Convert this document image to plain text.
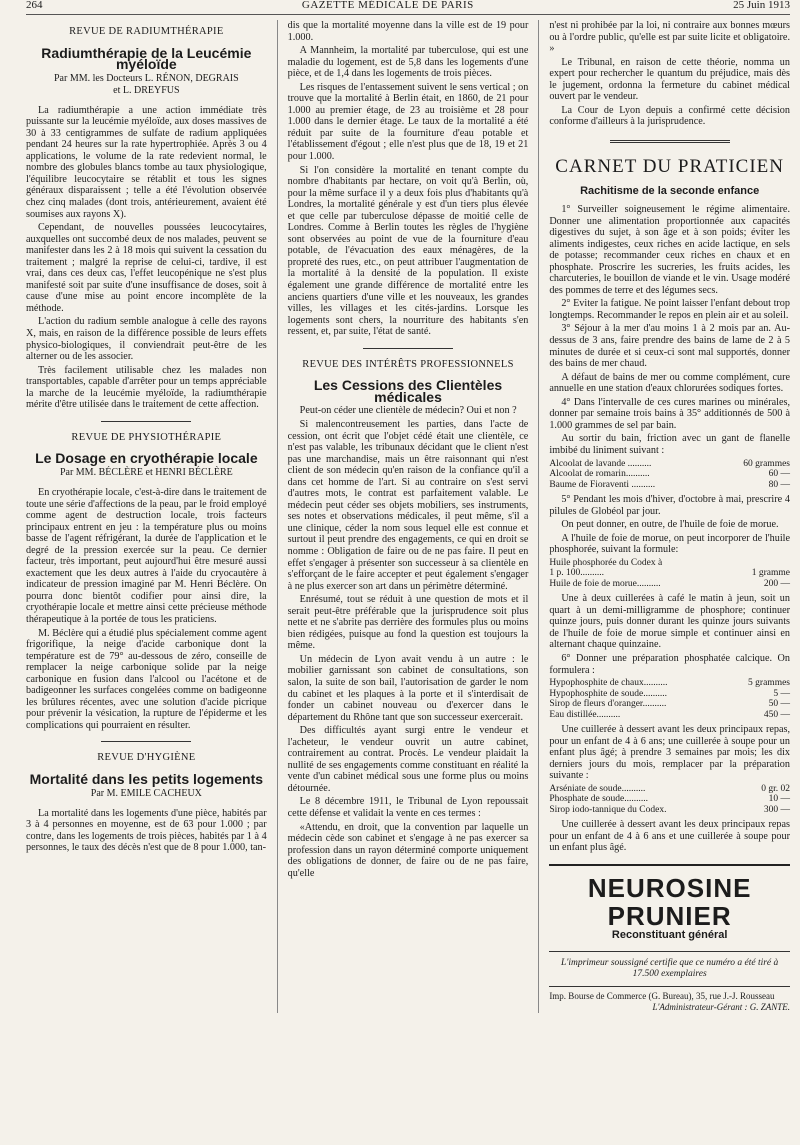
264	GAZETTE MÉDICALE DE PARIS	25 Juin 1913
REVUE DE RADIUMTHÉRAPIE
Radiumthérapie de la Leucémie myéloïde
Par MM. les Docteurs L. RÉNON, DEGRAIS
et L. DREYFUS

La radiumthérapie a une action immédiate très puissante sur la leucémie myéloïde, aux doses massives de 30 à 33 centigrammes de sulfate de radium appliquées pendant 24 heures sur la rate hypertrophiée. Après 3 ou 4 applications, le volume de la rate redevient normal, le nombre des globules blancs tombe au taux physiologique, l'équilibre leucocytaire se rétablit et tous les signes généraux disparaissent ; telle a été l'évolution observée chez cinq malades (dont trois, antérieurement, avaient été soumises aux rayons X).

Cependant, de nouvelles poussées leucocytaires, auxquelles ont succombé deux de nos malades, peuvent se manifester dans les 2 à 18 mois qui suivent la cessation du traitement ; malgré la reprise de celui-ci, tardive, il est vrai, dans ces deux cas, l'effet leucopénique ne s'est plus manifesté soit par suite d'une insuffisance de doses, soit à cause d'une mise au point encore incomplète de la méthode.

L'action du radium semble analogue à celle des rayons X, mais, en raison de la différence possible de leurs effets physico-biologiques, il conviendrait peut-être de les alterner ou de les associer.

Très facilement utilisable chez les malades non transportables, capable d'arrêter pour un temps appréciable la marche de la leucémie myéloïde, la radiumthérapie mérite d'être utilisée dans le traitement de cette affection.

REVUE DE PHYSIOTHÉRAPIE
Le Dosage en cryothérapie locale
Par MM. BÉCLÈRE et HENRI BÉCLÈRE

En cryothérapie locale, c'est-à-dire dans le traitement de toute une série d'affections de la peau, par le froid employé comme agent de destruction locale, trois facteurs principaux entrent en jeu : la température plus ou moins basse de l'agent réfrigérant, la durée de l'application et le degré de la pression exercée sur la peau. Ce dernier facteur, très important, peut aujourd'hui être mesuré aussi exactement que les deux autres à l'aide du cryocautère à indicateur de pression imaginé par M. Henri Béclère. On pourra donc bientôt codifier pour ainsi dire, la cryothérapie locale et mettre ainsi cette précieuse méthode thérapeutique à la portée de tous les praticiens.

M. Béclère qui a étudié plus spécialement comme agent frigorifique, la neige d'acide carbonique dont la température est de 79° au-dessous de zéro, conseille de remplacer la neige carbonique solide par la neige carbonique en fusion dans l'alcool ou l'acétone et de badigeonner les surfaces congelées comme on badigeonne les brûlures récentes, avec une solution d'acide picrique pour prévenir la vésication, la rupture de l'épiderme et les complications qui pourraient en résulter.

REVUE D'HYGIÈNE
Mortalité dans les petits logements
Par M. EMILE CACHEUX

La mortalité dans les logements d'une pièce, habités par 3 à 4 personnes en moyenne, est de 63 pour 1.000 ; par contre, dans les logements de trois pièces, habités par 1 à 4 personnes, le taux des décès n'est que de 8 pour 1.000, tan-

dis que la mortalité moyenne dans la ville est de 19 pour 1.000.

A Mannheim, la mortalité par tuberculose, qui est une maladie du logement, est de 5,8 dans les logements d'une pièce, et de 1,4 dans les logements de trois pièces.

Les risques de l'entassement suivent le sens vertical ; on trouve que la mortalité à Berlin était, en 1860, de 21 pour 1.000 au premier étage, de 23 au troisième et 28 pour 1.000 dans le dernier étage. Le taux de la mortalité a été réduit par suite de la fourniture d'eau potable et l'établissement d'égout ; elle n'est plus que de 18, 19 et 21 pour 1.000.

Si l'on considère la mortalité en tenant compte du nombre d'habitants par hectare, on voit qu'à Berlin, où, pour la même surface il y a deux fois plus d'habitants qu'à Londres, la mortalité générale y est d'un tiers plus élevée et que celle par tuberculose dépasse de moitié celle de Londres. Comme à Berlin toutes les règles de l'hygiène sont observées au point de vue de la fourniture d'eau potable, de l'évacuation des eaux ménagères, de la propreté des rues, etc., on peut attribuer l'augmentation de la mortalité à la densité de la population. Il existe également une grande différence de mortalité entre les anciens quartiers d'une ville et les nouveaux, les grandes villes, les villages et les cités-jardins. Lorsque les logements sont chers, la nourriture des habitants s'en ressent, et, par suite, l'état de santé.

REVUE DES INTÉRÊTS PROFESSIONNELS
Les Cessions des Clientèles médicales

Peut-on céder une clientèle de médecin? Oui et non ?

Si malencontreusement les parties, dans l'acte de cession, ont écrit que l'objet cédé était une clientèle, ce n'est pas valable, les tribunaux décidant que le client n'est pas une marchandise, mais un être raisonnant qui n'est client de son médecin qu'en raison de la confiance qu'il a dans cet homme de l'art. Si au contraire on s'est servi d'autres mots, le contrat est parfaitement valable. Le médecin peut céder ses objets mobiliers, ses instruments, ses notes et observations médicales, il peut même, s'il a une clinique, céder la nom sous lequel elle est connue et surtout il peut prendre des engagements, ce qui en droit se nomme : Obligation de faire ou de ne pas faire. Il peut en effet s'engager à présenter son successeur à sa clientèle en s'efforçant de le faire accepter et peut également s'engager à ne plus exercer son art dans un périmètre déterminé.

Enrésumé, tout se réduit à une question de mots et il serait peut-être préférable que la jurisprudence soit plus nette et ne s'abrite pas derrière des formules plus ou moins bien rédigées, puisque au fond la question est toujours la même.

Un médecin de Lyon avait vendu à un autre : le mobilier garnissant son cabinet de consultations, son salon, la suite de son bail, l'autorisation de garder le nom du cabinet et les plaques à la porte et il s'interdisait de fonder un cabinet nouveau ou d'exercer dans le département du Rhône tant que son successeur exercerait.

Des difficultés ayant surgi entre le vendeur et l'acheteur, le vendeur ouvrit un autre cabinet, contrairement au contrat. Procès. Le vendeur plaidait la nullité de ses engagements comme constituant en réalité la vente d'un cabinet médical sous une forme plus ou moins détournée.

Le 8 décembre 1911, le Tribunal de Lyon repoussait cette défense et validait la vente en ces termes :

«Attendu, en droit, que la convention par laquelle un médecin cède son cabinet et s'engage à ne pas exercer sa profession dans un rayon déterminé comporte uniquement des obligations de donner, de faire ou de ne pas faire, qu'elle

n'est ni prohibée par la loi, ni contraire aux bonnes mœurs ou à l'ordre public, qu'elle est par suite licite et obligatoire. »

Le Tribunal, en raison de cette théorie, nomma un expert pour rechercher le quantum du préjudice, mais dès le jugement, ordonna la fermeture du cabinet médical ouvert par le vendeur.

La Cour de Lyon depuis a confirmé cette décision conforme d'ailleurs à la jurisprudence.

CARNET DU PRATICIEN
Rachitisme de la seconde enfance

1° Surveiller soigneusement le régime alimentaire. Donner une alimentation proportionnée aux capacités digestives du sujet, à son âge et à son poids; éviter les aliments indigestes, ceux riches en acide lactique, en sels de potasse; recommander ceux riches en chaux et en phosphate. Proscrire les sucreries, les fruits acides, les charcuteries, le bouillon de viande et le vin. Usage modéré des pommes de terre et des légumes secs.

2° Eviter la fatigue. Ne point laisser l'enfant debout trop longtemps. Recommander le repos en plein air et au soleil.

3° Séjour à la mer d'au moins 1 à 2 mois par an. Au-dessus de 3 ans, faire prendre des bains de lame de 2 à 5 minutes de durée et si ceux-ci sont mal supportés, donner des bains de mer chaud.

A défaut de bains de mer ou comme complément, cure annuelle en une station d'eaux chlorurées sodiques fortes.

4° Dans l'intervalle de ces cures marines ou minérales, donner par semaine trois bains à 35° additionnés de 500 à 1.000 grammes de sel par bain.

Au sortir du bain, friction avec un gant de flanelle imbibé du liniment suivant :

Alcoolat de lavande ..........	60 grammes
Alcoolat de romarin..........	60 —
Baume de Fioraventi ..........	80 —

5° Pendant les mois d'hiver, d'octobre à mai, prescrire 4 pilules de Globéol par jour.

On peut donner, en outre, de l'huile de foie de morue.

A l'huile de foie de morue, on peut incorporer de l'huile phosphorée, suivant la formule:

Huile phosphorée du Codex à
1 p. 100..........	1 gramme
Huile de foie de morue..........	200 —

Une à deux cuillerées à café le matin à jeun, soit un quart à un demi-milligramme de phosphore; continuer quinze jours, puis donner durant les quinze jours suivants de l'huile de foie de morue simple et continuer ainsi en alternant chaque quinzaine.

6° Donner une préparation phosphatée calcique. On formulera :

Hypophosphite de chaux..........	5 grammes
Hypophosphite de soude..........	5 —
Sirop de fleurs d'oranger..........	50 —
Eau distillée..........	450 —

Une cuillerée à dessert avant les deux principaux repas, pour un enfant de 4 à 6 ans; une cuillerée à soupe pour un enfant plus âgé; à prendre 3 semaines par mois; les dix derniers jours du mois, remplacer par la préparation suivante :

Arséniate de soude..........	0 gr. 02
Phosphate de soude..........	10 —
Sirop iodo-tannique du Codex.	300 —

Une cuillerée à dessert avant les deux principaux repas pour un enfant de 4 à 6 ans et une cuillerée à soupe pour un enfant plus âgé.

NEUROSINE PRUNIER
Reconstituant général
L'imprimeur soussigné certifie que ce numéro a été tiré à 17.500 exemplaires
Imp. Bourse de Commerce (G. Bureau), 35, rue J.-J. Rousseau
L'Administrateur-Gérant : G. ZANTE.
